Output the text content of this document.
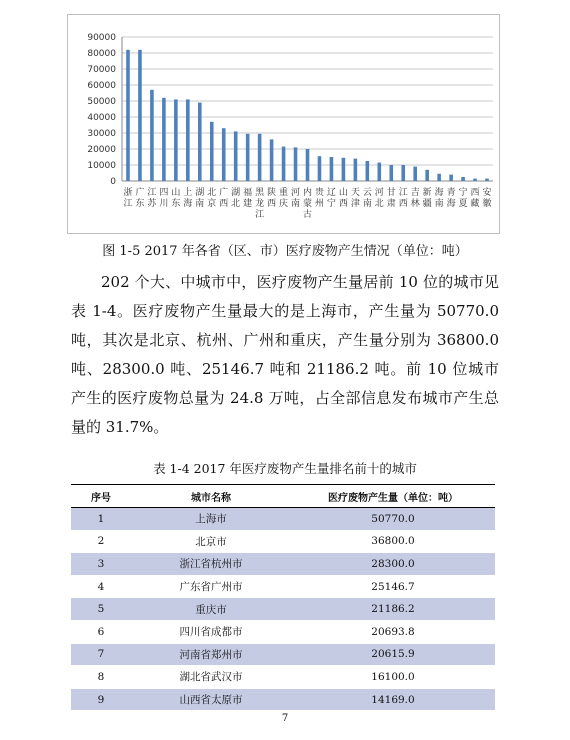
0
10000
20000
30000
40000
50000
60000
70000
80000
90000
浙
江
广
东
江
苏
四
川
山
东
上
海
湖
南
北
京
广
西
湖
北
福
建
黑
龙
江
陕
西
重
庆
河
南
内
蒙
古
贵
州
辽
宁
山
西
天
津
云
南
河
北
甘
肃
江
西
吉
林
新
疆
海
南
青
海
宁
夏
西
藏
安
徽
图 1-5 2017 年各省（区、市）医疗废物产生情况（单位：吨）

202 个大、中城市中，医疗废物产生量居前 10 位的城市见表 1-4。医疗废物产生量最大的是上海市，产生量为 50770.0 吨，其次是北京、杭州、广州和重庆，产生量分别为 36800.0 吨、28300.0 吨、25146.7 吨和 21186.2 吨。前 10 位城市产生的医疗废物总量为 24.8 万吨，占全部信息发布城市产生总量的 31.7%。

表 1-4 2017 年医疗废物产生量排名前十的城市
序号	城市名称	医疗废物产生量（单位：吨）
1	上海市	50770.0
2	北京市	36800.0
3	浙江省杭州市	28300.0
4	广东省广州市	25146.7
5	重庆市	21186.2
6	四川省成都市	20693.8
7	河南省郑州市	20615.9
8	湖北省武汉市	16100.0
9	山西省太原市	14169.0
7
